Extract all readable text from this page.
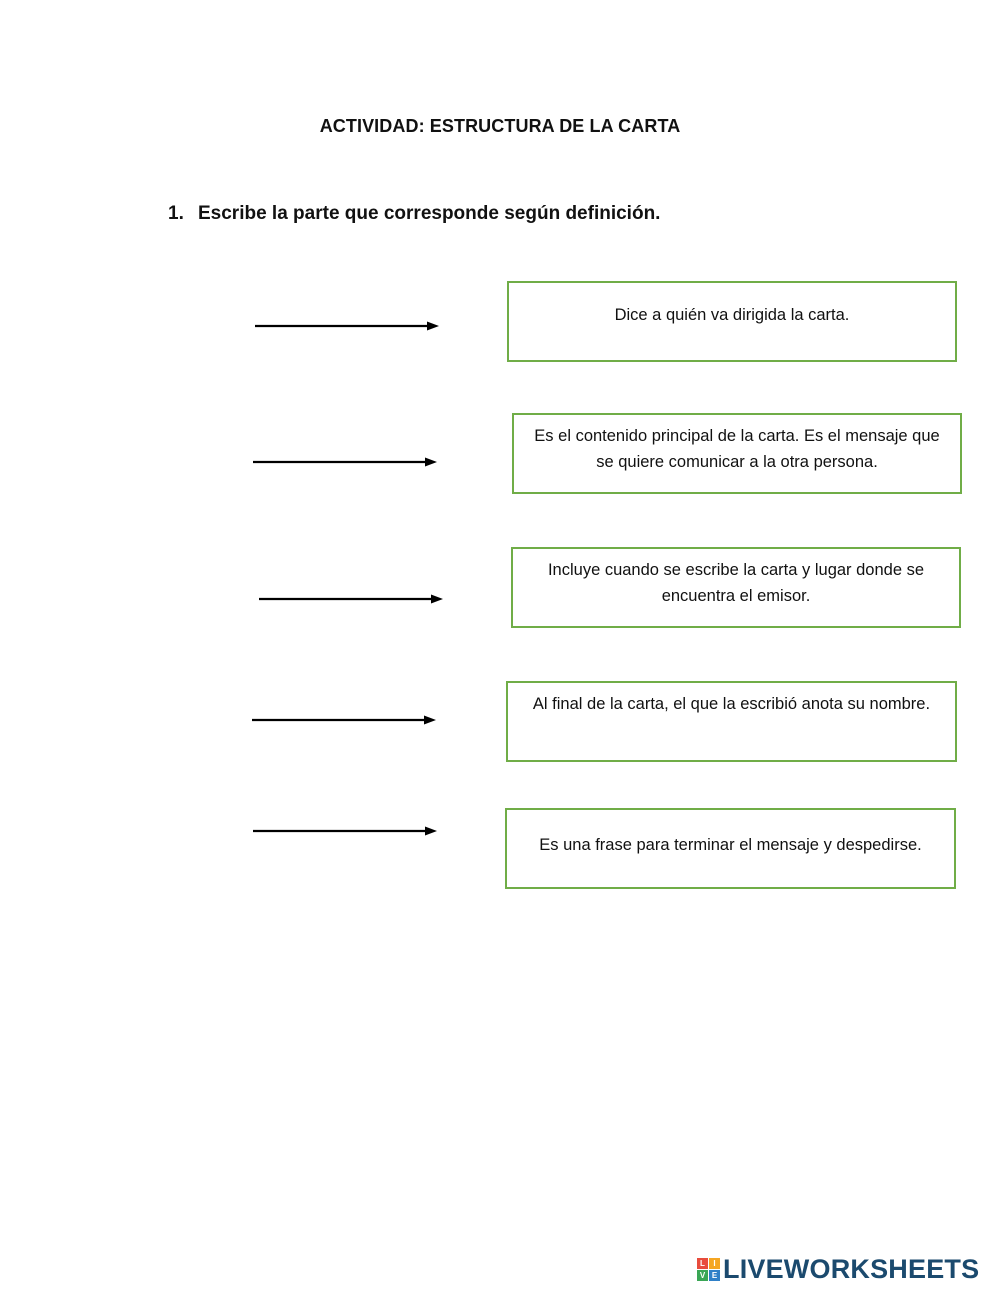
ACTIVIDAD: ESTRUCTURA DE LA CARTA
1. Escribe la parte que corresponde según definición.
Dice a quién va dirigida la carta.
Es el contenido principal de la carta. Es el mensaje que se quiere comunicar a la otra persona.
Incluye cuando se escribe la carta y lugar donde se encuentra el emisor.
Al final de la carta, el que la escribió anota su nombre.
Es una frase para terminar el mensaje y despedirse.
L	I
V E LIVEWORKSHEETS
